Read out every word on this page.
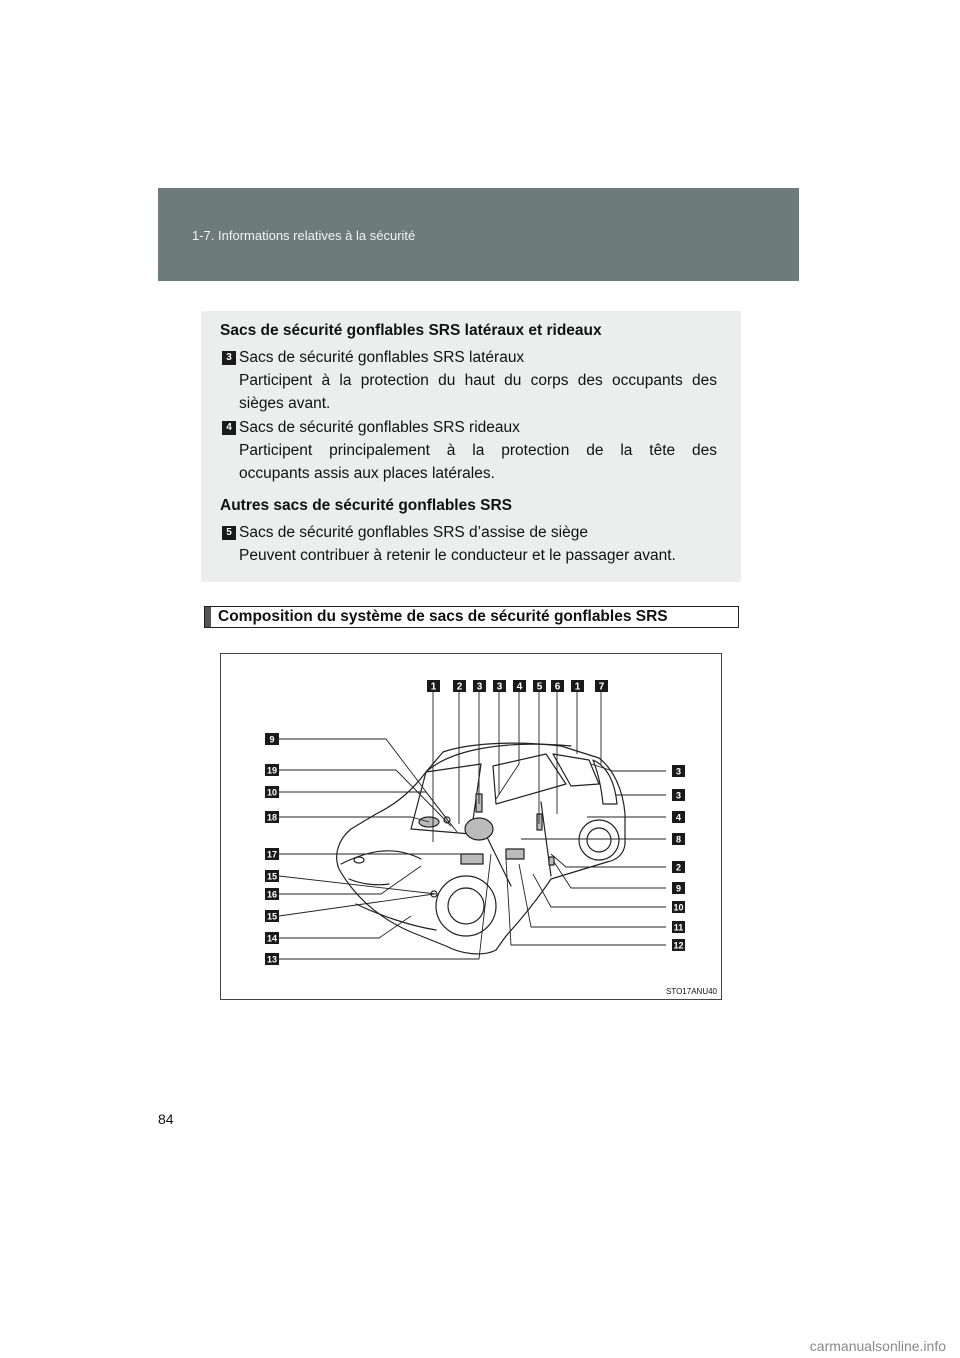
1-7. Informations relatives à la sécurité
Sacs de sécurité gonflables SRS latéraux et rideaux
3 Sacs de sécurité gonflables SRS latéraux
Participent à la protection du haut du corps des occupants des
sièges avant.
4 Sacs de sécurité gonflables SRS rideaux
Participent principalement à la protection de la tête des
occupants assis aux places latérales.
Autres sacs de sécurité gonflables SRS
5 Sacs de sécurité gonflables SRS d’assise de siège
Peuvent contribuer à retenir le conducteur et le passager avant.
Composition du système de sacs de sécurité gonflables SRS
1 2 3 3 4 5 6 1 7
9
19
10
18
17
15
16
15
14
13
3
3
4
8
2
9
10
11
12
STO17ANU40
84
carmanualsonline.info
